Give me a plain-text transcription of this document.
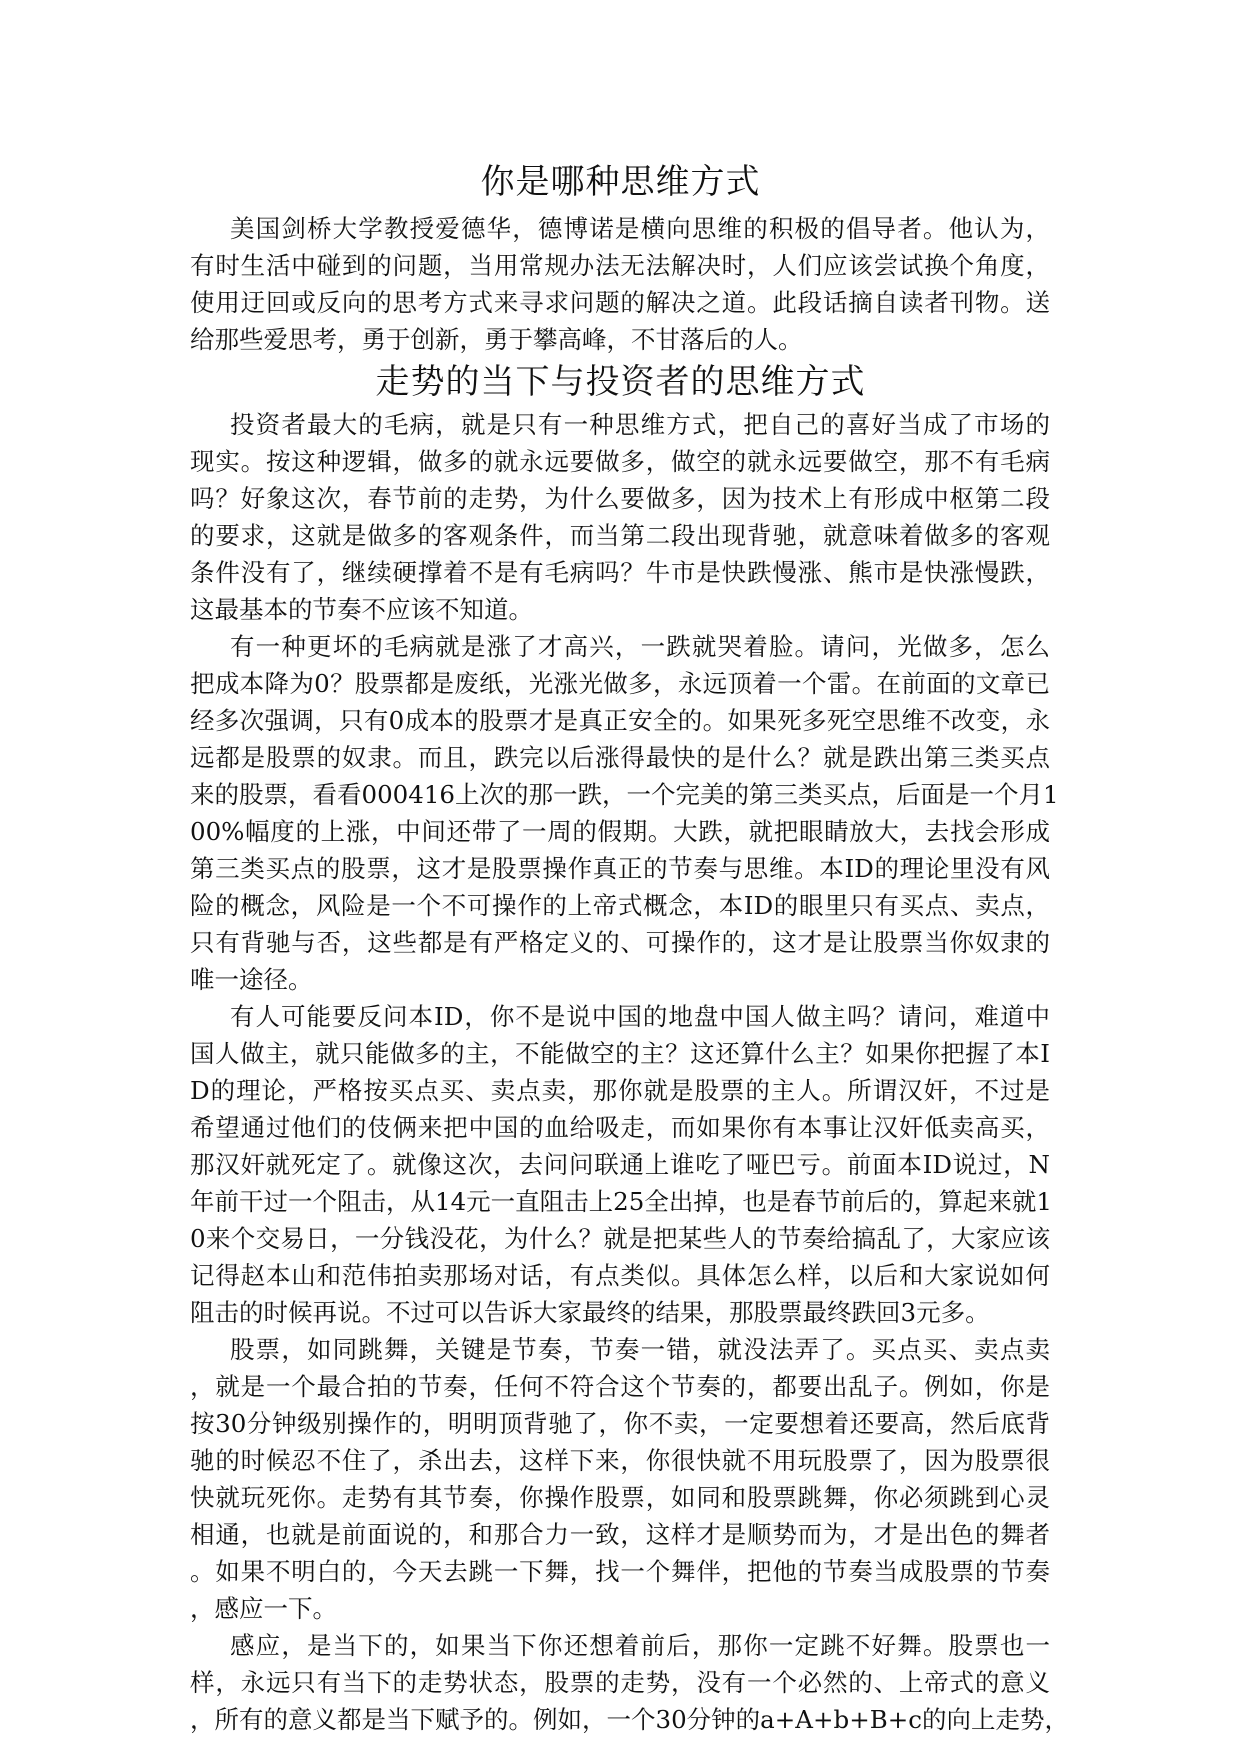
你是哪种思维方式
美国剑桥大学教授爱德华，德博诺是横向思维的积极的倡导者。他认为，
有时生活中碰到的问题，当用常规办法无法解决时，人们应该尝试换个角度，
使用迂回或反向的思考方式来寻求问题的解决之道。此段话摘自读者刊物。送
给那些爱思考，勇于创新，勇于攀高峰，不甘落后的人。
走势的当下与投资者的思维方式
投资者最大的毛病，就是只有一种思维方式，把自己的喜好当成了市场的
现实。按这种逻辑，做多的就永远要做多，做空的就永远要做空，那不有毛病
吗？好象这次，春节前的走势，为什么要做多，因为技术上有形成中枢第二段
的要求，这就是做多的客观条件，而当第二段出现背驰，就意味着做多的客观
条件没有了，继续硬撑着不是有毛病吗？牛市是快跌慢涨、熊市是快涨慢跌，
这最基本的节奏不应该不知道。
有一种更坏的毛病就是涨了才高兴，一跌就哭着脸。请问，光做多，怎么
把成本降为0？股票都是废纸，光涨光做多，永远顶着一个雷。在前面的文章已
经多次强调，只有0成本的股票才是真正安全的。如果死多死空思维不改变，永
远都是股票的奴隶。而且，跌完以后涨得最快的是什么？就是跌出第三类买点
来的股票，看看000416上次的那一跌，一个完美的第三类买点，后面是一个月1
00%幅度的上涨，中间还带了一周的假期。大跌，就把眼睛放大，去找会形成
第三类买点的股票，这才是股票操作真正的节奏与思维。本ID的理论里没有风
险的概念，风险是一个不可操作的上帝式概念，本ID的眼里只有买点、卖点，
只有背驰与否，这些都是有严格定义的、可操作的，这才是让股票当你奴隶的
唯一途径。
有人可能要反问本ID，你不是说中国的地盘中国人做主吗？请问，难道中
国人做主，就只能做多的主，不能做空的主？这还算什么主？如果你把握了本I
D的理论，严格按买点买、卖点卖，那你就是股票的主人。所谓汉奸，不过是
希望通过他们的伎俩来把中国的血给吸走，而如果你有本事让汉奸低卖高买，
那汉奸就死定了。就像这次，去问问联通上谁吃了哑巴亏。前面本ID说过，N
年前干过一个阻击，从14元一直阻击上25全出掉，也是春节前后的，算起来就1
0来个交易日，一分钱没花，为什么？就是把某些人的节奏给搞乱了，大家应该
记得赵本山和范伟拍卖那场对话，有点类似。具体怎么样，以后和大家说如何
阻击的时候再说。不过可以告诉大家最终的结果，那股票最终跌回3元多。
股票，如同跳舞，关键是节奏，节奏一错，就没法弄了。买点买、卖点卖
，就是一个最合拍的节奏，任何不符合这个节奏的，都要出乱子。例如，你是
按30分钟级别操作的，明明顶背驰了，你不卖，一定要想着还要高，然后底背
驰的时候忍不住了，杀出去，这样下来，你很快就不用玩股票了，因为股票很
快就玩死你。走势有其节奏，你操作股票，如同和股票跳舞，你必须跳到心灵
相通，也就是前面说的，和那合力一致，这样才是顺势而为，才是出色的舞者
。如果不明白的，今天去跳一下舞，找一个舞伴，把他的节奏当成股票的节奏
，感应一下。
感应，是当下的，如果当下你还想着前后，那你一定跳不好舞。股票也一
样，永远只有当下的走势状态，股票的走势，没有一个必然的、上帝式的意义
，所有的意义都是当下赋予的。例如，一个30分钟的a+A+b+B+c的向上走势，
